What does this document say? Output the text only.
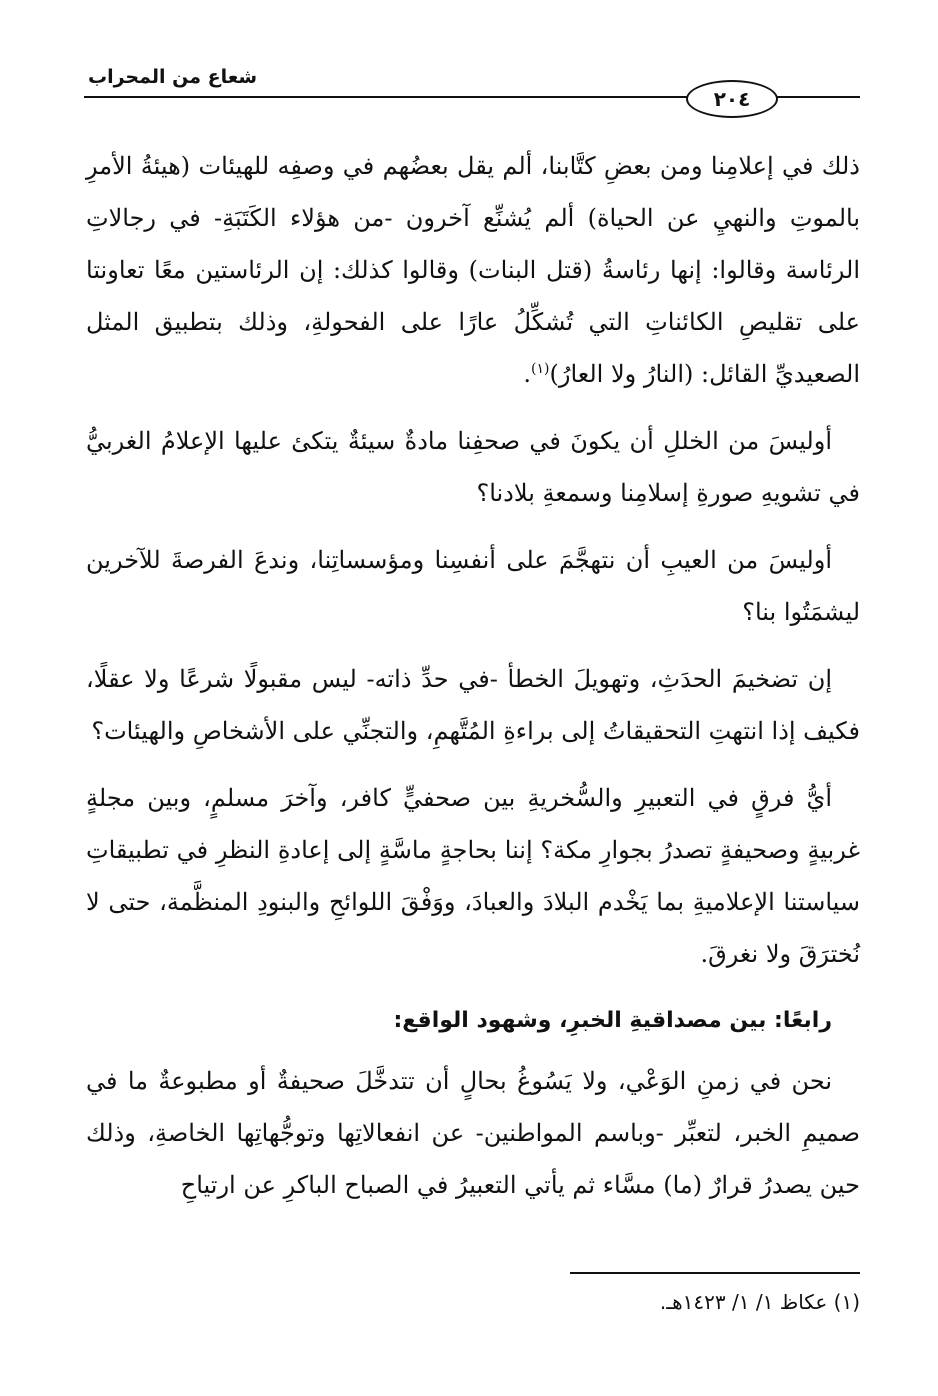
شعاع من المحراب
٢٠٤

ذلك في إعلامِنا ومن بعضِ كتَّابنا، ألم يقل بعضُهم في وصفِه للهيئات (هيئةُ الأمرِ بالموتِ والنهيِ عن الحياة) ألم يُشنِّع آخرون -من هؤلاء الكَتَبَةِ- في رجالاتِ الرئاسة وقالوا: إنها رئاسةُ (قتل البنات) وقالوا كذلك: إن الرئاستين معًا تعاونتا على تقليصِ الكائناتِ التي تُشكِّلُ عارًا على الفحولةِ، وذلك بتطبيق المثل الصعيديِّ القائل: (النارُ ولا العارُ)$^{(١)}$.

أوليسَ من الخللِ أن يكونَ في صحفِنا مادةٌ سيئةٌ يتكئ عليها الإعلامُ الغربيُّ في تشويهِ صورةِ إسلامِنا وسمعةِ بلادنا؟

أوليسَ من العيبِ أن نتهجَّمَ على أنفسِنا ومؤسساتِنا، وندعَ الفرصةَ للآخرين ليشمَتُوا بنا؟

إن تضخيمَ الحدَثِ، وتهويلَ الخطأ -في حدِّ ذاته- ليس مقبولًا شرعًا ولا عقلًا، فكيف إذا انتهتِ التحقيقاتُ إلى براءةِ المُتَّهمِ، والتجنِّي على الأشخاصِ والهيئات؟

أيُّ فرقٍ في التعبيرِ والسُّخريةِ بين صحفيٍّ كافر، وآخرَ مسلمٍ، وبين مجلةٍ غربيةٍ وصحيفةٍ تصدرُ بجوارِ مكة؟ إننا بحاجةٍ ماسَّةٍ إلى إعادةِ النظرِ في تطبيقاتِ سياستنا الإعلاميةِ بما يَخْدم البلادَ والعبادَ، ووَفْقَ اللوائحِ والبنودِ المنظَّمة، حتى لا نُخترَقَ ولا نغرقَ.

رابعًا: بين مصداقيةِ الخبرِ، وشهود الواقع:

نحن في زمنِ الوَعْي، ولا يَسُوغُ بحالٍ أن تتدخَّلَ صحيفةٌ أو مطبوعةٌ ما في صميمِ الخبر، لتعبِّر -وباسم المواطنين- عن انفعالاتِها وتوجُّهاتِها الخاصةِ، وذلك حين يصدرُ قرارٌ (ما) مسَّاء ثم يأتي التعبيرُ في الصباح الباكرِ عن ارتياحِ

(١) عكاظ ١/ ١/ ١٤٢٣هـ.
